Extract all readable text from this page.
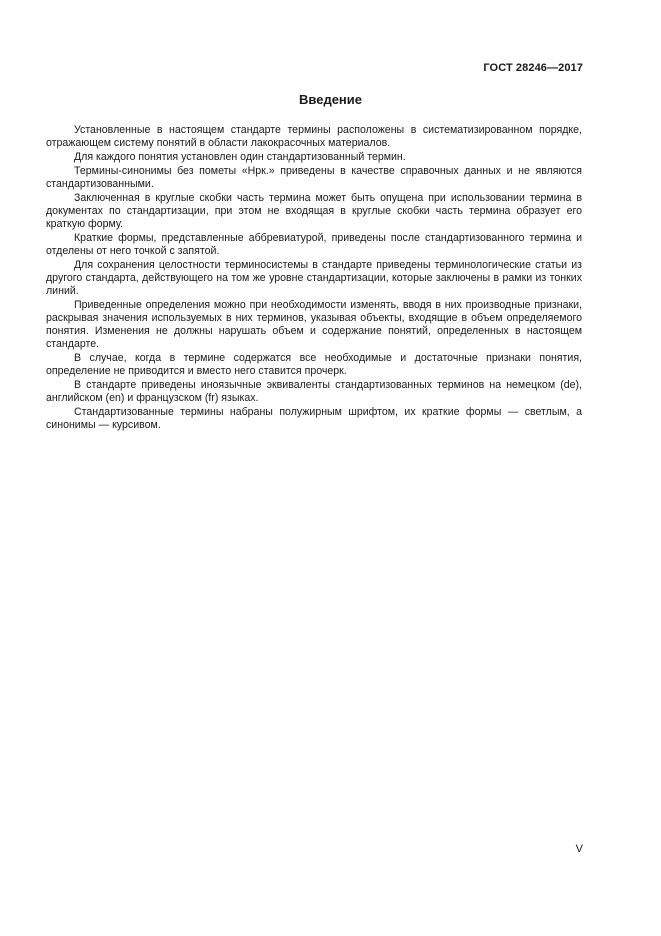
ГОСТ 28246—2017
Введение

Установленные в настоящем стандарте термины расположены в систематизированном порядке, отражающем систему понятий в области лакокрасочных материалов.

Для каждого понятия установлен один стандартизованный термин.

Термины-синонимы без пометы «Нрк.» приведены в качестве справочных данных и не являются стандартизованными.

Заключенная в круглые скобки часть термина может быть опущена при использовании термина в документах по стандартизации, при этом не входящая в круглые скобки часть термина образует его краткую форму.

Краткие формы, представленные аббревиатурой, приведены после стандартизованного термина и отделены от него точкой с запятой.

Для сохранения целостности терминосистемы в стандарте приведены терминологические статьи из другого стандарта, действующего на том же уровне стандартизации, которые заключены в рамки из тонких линий.

Приведенные определения можно при необходимости изменять, вводя в них производные признаки, раскрывая значения используемых в них терминов, указывая объекты, входящие в объем определяемого понятия. Изменения не должны нарушать объем и содержание понятий, определенных в настоящем стандарте.

В случае, когда в термине содержатся все необходимые и достаточные признаки понятия, определение не приводится и вместо него ставится прочерк.

В стандарте приведены иноязычные эквиваленты стандартизованных терминов на немецком (de), английском (en) и французском (fr) языках.

Стандартизованные термины набраны полужирным шрифтом, их краткие формы — светлым, а синонимы — курсивом.

V
